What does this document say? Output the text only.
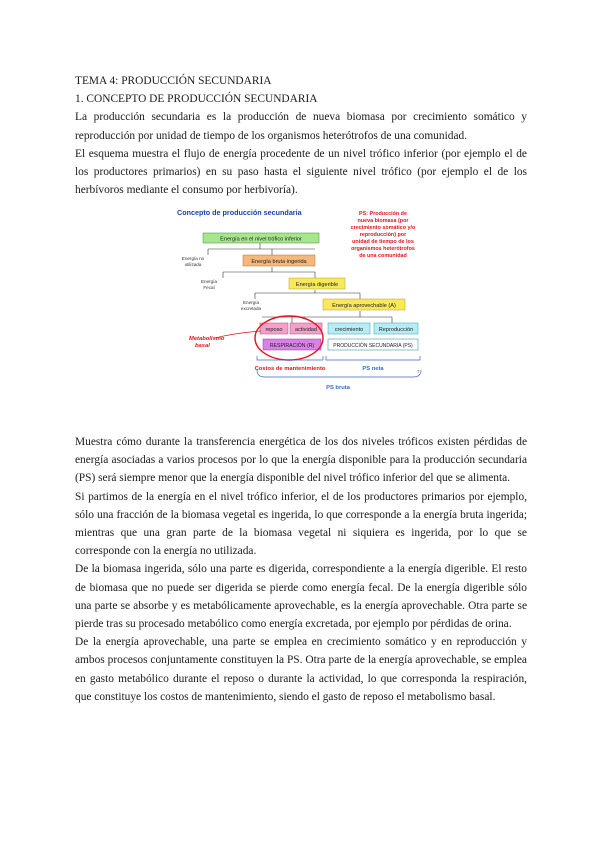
TEMA 4: PRODUCCIÓN SECUNDARIA

1. CONCEPTO DE PRODUCCIÓN SECUNDARIA

La producción secundaria es la producción de nueva biomasa por crecimiento somático y reproducción por unidad de tiempo de los organismos heterótrofos de una comunidad.

El esquema muestra el flujo de energía procedente de un nivel trófico inferior (por ejemplo el de los productores primarios) en su paso hasta el siguiente nivel trófico (por ejemplo el de los herbívoros mediante el consumo por herbivoría).

Concepto de producción secundaria	PS: Producción de
nueva biomasa (por
crecimiento somático y/o
reproducción) por
unidad de tiempo de los
organismos heterótrofos
de una comunidad
Energía en el nivel trófico inferior
Energía no
utilizada	Energía bruta ingerida
Energía
Fecal	Energía digerible
Energía
excretada	Energía aprovechable (A)
reposo actividad	crecimiento	Reproducción
RESPIRACIÓN (R)	PRODUCCIÓN SECUNDARIA (PS)
Metabolismo
basal
Costos de mantenimiento	PS neta
PS bruta
7

Muestra cómo durante la transferencia energética de los dos niveles tróficos existen pérdidas de energía asociadas a varios procesos por lo que la energía disponible para la producción secundaria (PS) será siempre menor que la energía disponible del nivel trófico inferior del que se alimenta.

Si partimos de la energía en el nivel trófico inferior, el de los productores primarios por ejemplo, sólo una fracción de la biomasa vegetal es ingerida, lo que corresponde a la energía bruta ingerida; mientras que una gran parte de la biomasa vegetal ni siquiera es ingerida, por lo que se corresponde con la energía no utilizada.

De la biomasa ingerida, sólo una parte es digerida, correspondiente a la energía digerible. El resto de biomasa que no puede ser digerida se pierde como energía fecal. De la energía digerible sólo una parte se absorbe y es metabólicamente aprovechable, es la energía aprovechable. Otra parte se pierde tras su procesado metabólico como energía excretada, por ejemplo por pérdidas de orina.

De la energía aprovechable, una parte se emplea en crecimiento somático y en reproducción y ambos procesos conjuntamente constituyen la PS. Otra parte de la energía aprovechable, se emplea en gasto metabólico durante el reposo o durante la actividad, lo que corresponda la respiración, que constituye los costos de mantenimiento, siendo el gasto de reposo el metabolismo basal.
